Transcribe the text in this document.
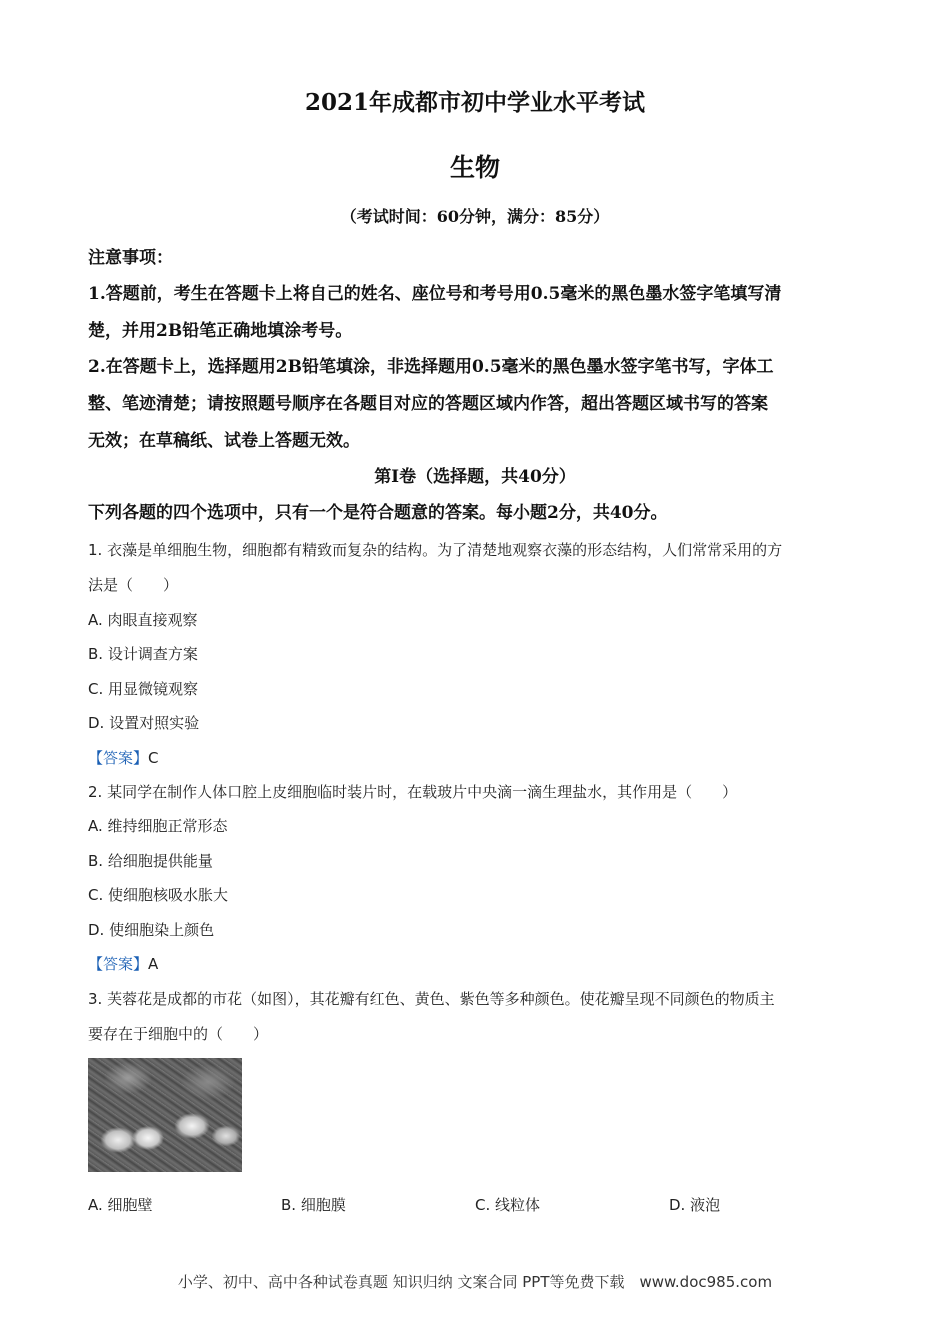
2021年成都市初中学业水平考试
生物
（考试时间：60分钟，满分：85分）
注意事项：
1.答题前，考生在答题卡上将自己的姓名、座位号和考号用0.5毫米的黑色墨水签字笔填写清
楚，并用2B铅笔正确地填涂考号。
2.在答题卡上，选择题用2B铅笔填涂，非选择题用0.5毫米的黑色墨水签字笔书写，字体工
整、笔迹清楚；请按照题号顺序在各题目对应的答题区域内作答，超出答题区域书写的答案
无效；在草稿纸、试卷上答题无效。
第Ⅰ卷（选择题，共40分）
下列各题的四个选项中，只有一个是符合题意的答案。每小题2分，共40分。
1. 衣藻是单细胞生物，细胞都有精致而复杂的结构。为了清楚地观察衣藻的形态结构，人们常常采用的方
法是（　　）
A. 肉眼直接观察
B. 设计调查方案
C. 用显微镜观察
D. 设置对照实验
【答案】C
2. 某同学在制作人体口腔上皮细胞临时装片时，在载玻片中央滴一滴生理盐水，其作用是（　　）
A. 维持细胞正常形态
B. 给细胞提供能量
C. 使细胞核吸水胀大
D. 使细胞染上颜色
【答案】A
3. 芙蓉花是成都的市花（如图），其花瓣有红色、黄色、紫色等多种颜色。使花瓣呈现不同颜色的物质主
要存在于细胞中的（　　）
A. 细胞壁	B. 细胞膜	C. 线粒体	D. 液泡
小学、初中、高中各种试卷真题 知识归纳 文案合同 PPT等免费下载　www.doc985.com
